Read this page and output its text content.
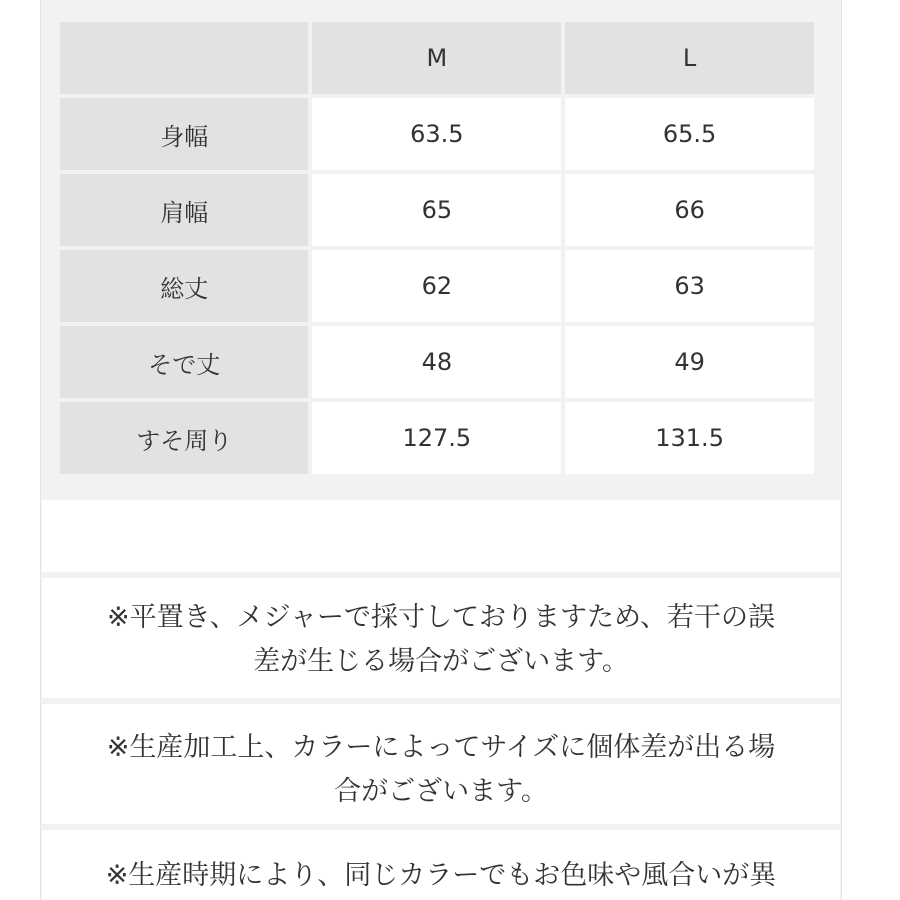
	M	L
身幅	63.5	65.5
肩幅	65	66
総丈	62	63
そで丈	48	49
すそ周り	127.5	131.5
※平置き、メジャーで採寸しておりますため、若干の誤
差が生じる場合がございます。
※生産加工上、カラーによってサイズに個体差が出る場
合がございます。
※生産時期により、同じカラーでもお色味や風合いが異
